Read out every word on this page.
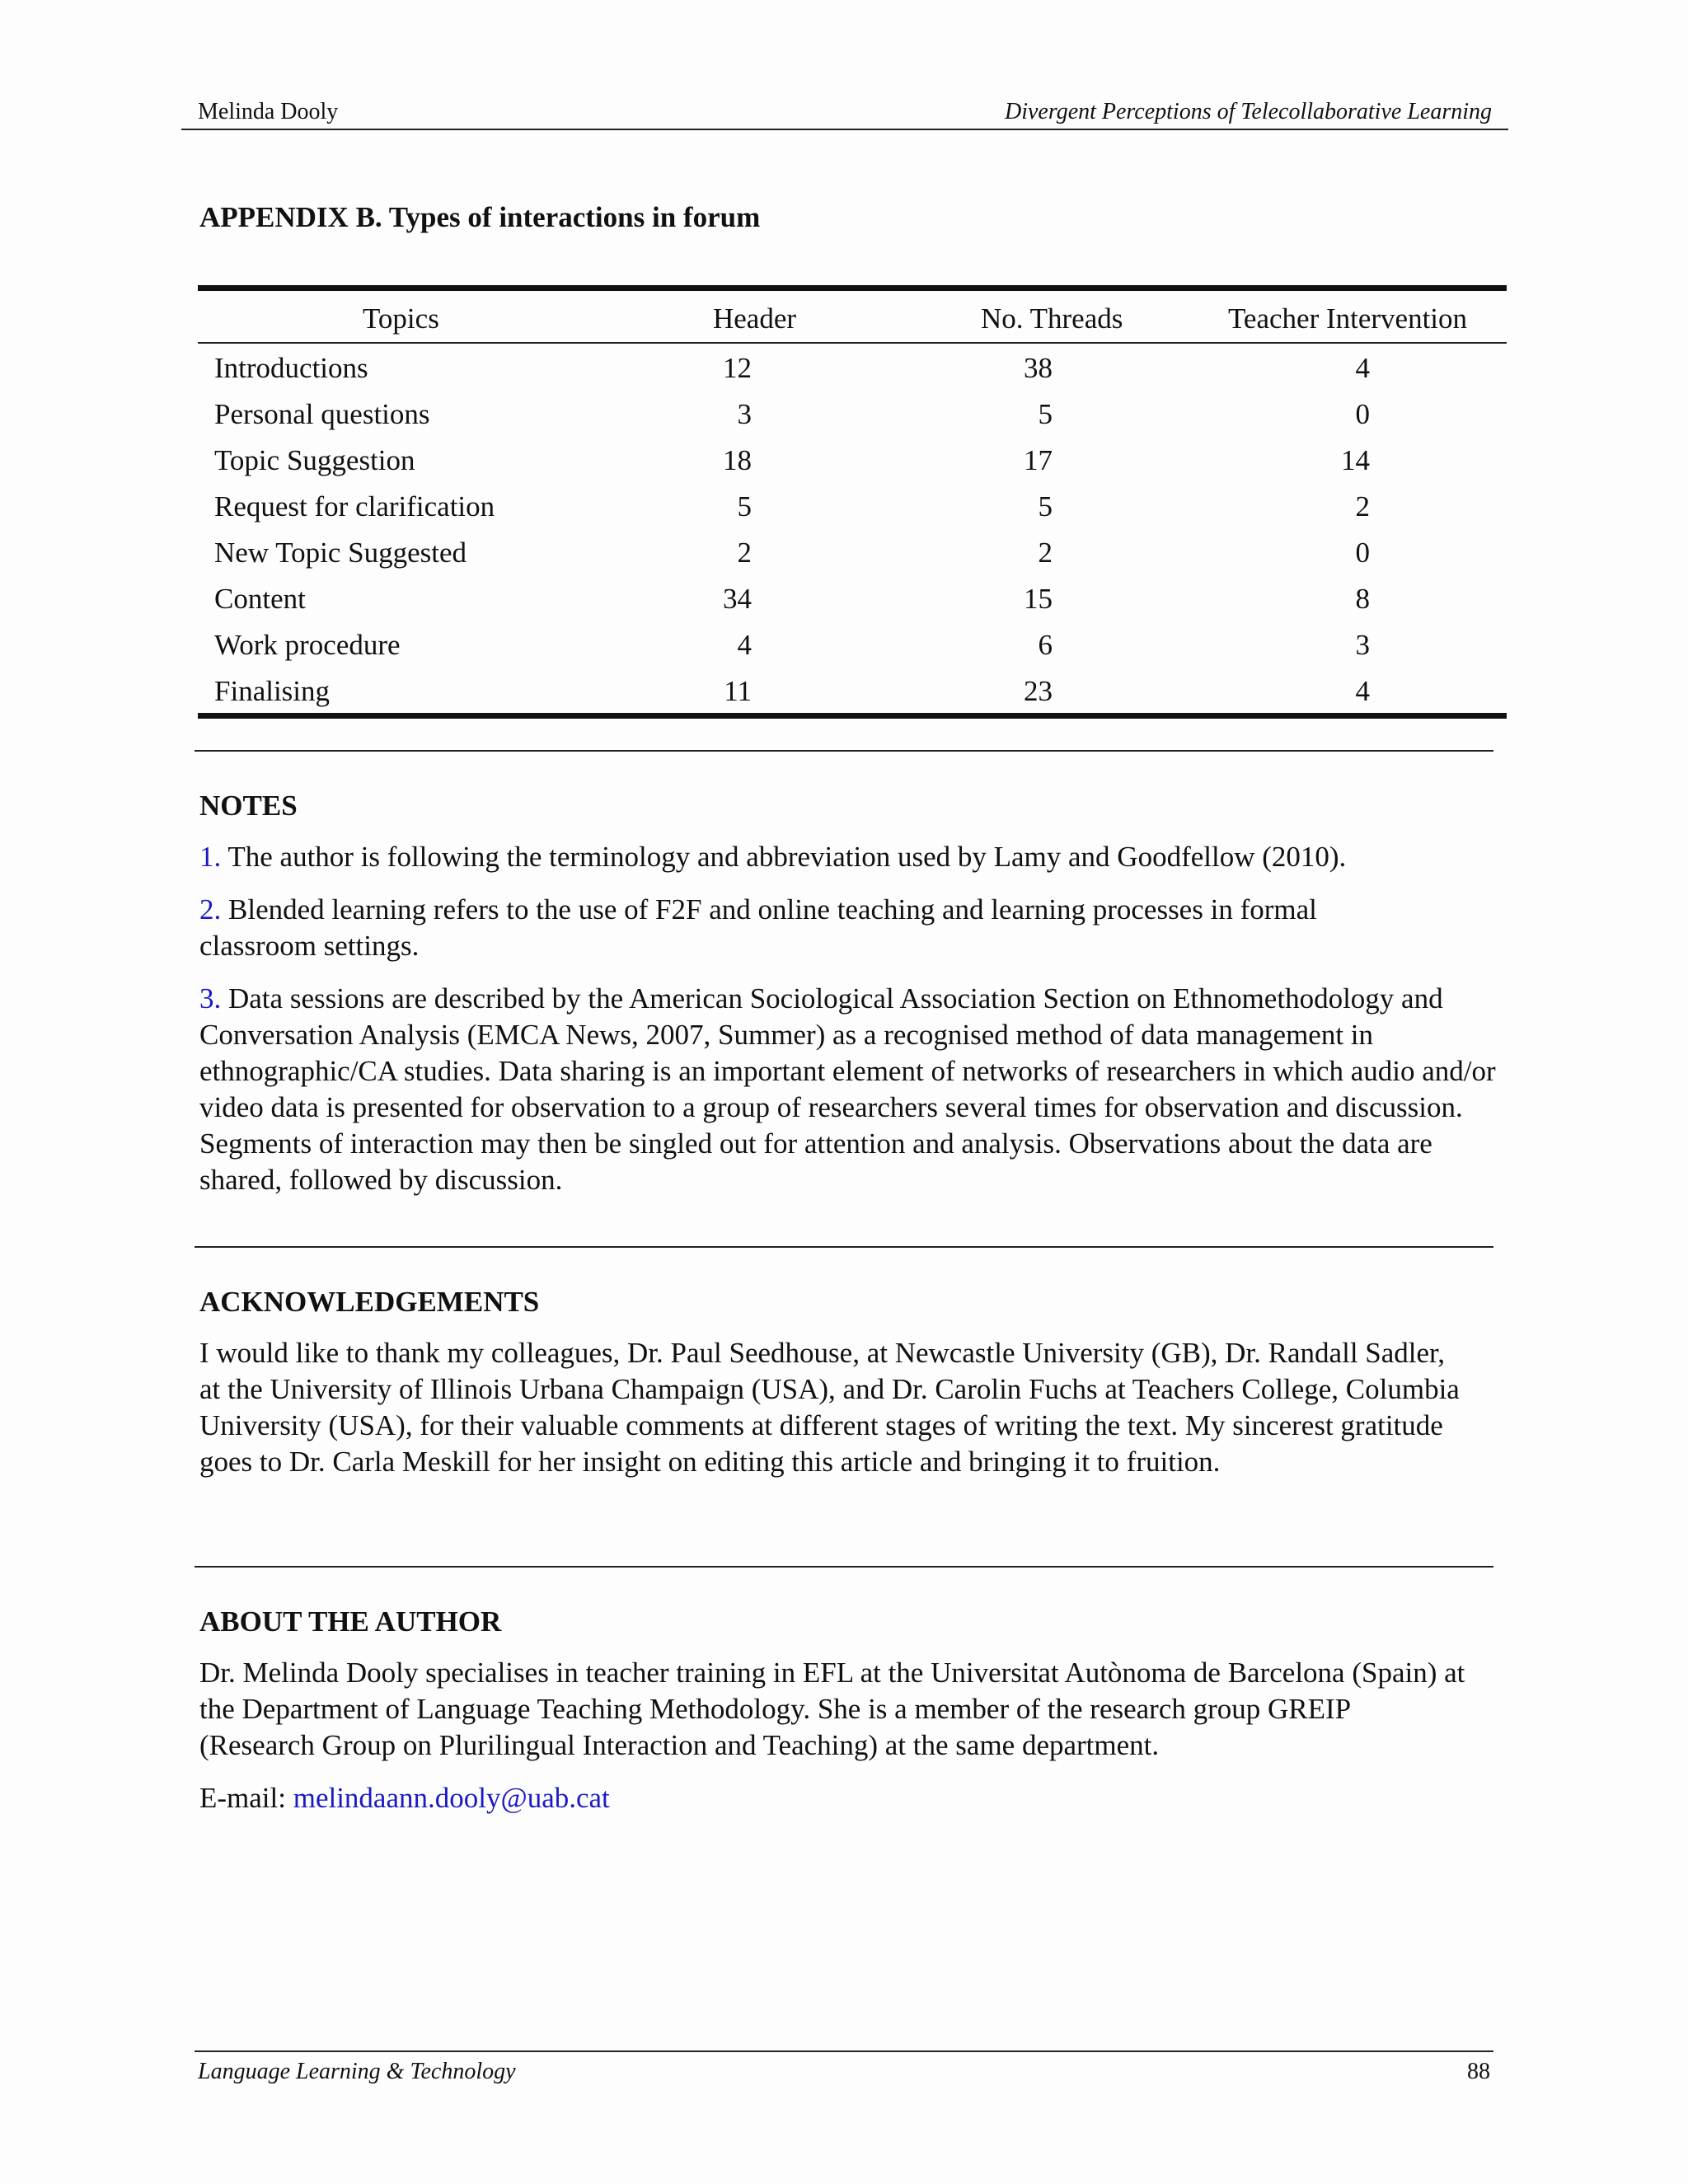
Melinda Dooly	Divergent Perceptions of Telecollaborative Learning
APPENDIX B. Types of interactions in forum
Topics	Header	No. Threads	Teacher Intervention
Introductions	12	38	4
Personal questions	3	5	0
Topic Suggestion	18	17	14
Request for clarification	5	5	2
New Topic Suggested	2	2	0
Content	34	15	8
Work procedure	4	6	3
Finalising	11	23	4
NOTES
1. The author is following the terminology and abbreviation used by Lamy and Goodfellow (2010).
2. Blended learning refers to the use of F2F and online teaching and learning processes in formal classroom settings.
3. Data sessions are described by the American Sociological Association Section on Ethnomethodology and Conversation Analysis (EMCA News, 2007, Summer) as a recognised method of data management in ethnographic/CA studies. Data sharing is an important element of networks of researchers in which audio and/or video data is presented for observation to a group of researchers several times for observation and discussion. Segments of interaction may then be singled out for attention and analysis. Observations about the data are shared, followed by discussion.
ACKNOWLEDGEMENTS
I would like to thank my colleagues, Dr. Paul Seedhouse, at Newcastle University (GB), Dr. Randall Sadler, at the University of Illinois Urbana Champaign (USA), and Dr. Carolin Fuchs at Teachers College, Columbia University (USA), for their valuable comments at different stages of writing the text. My sincerest gratitude goes to Dr. Carla Meskill for her insight on editing this article and bringing it to fruition.
ABOUT THE AUTHOR
Dr. Melinda Dooly specialises in teacher training in EFL at the Universitat Autònoma de Barcelona (Spain) at the Department of Language Teaching Methodology. She is a member of the research group GREIP (Research Group on Plurilingual Interaction and Teaching) at the same department.
E-mail: melindaann.dooly@uab.cat
Language Learning & Technology	88
